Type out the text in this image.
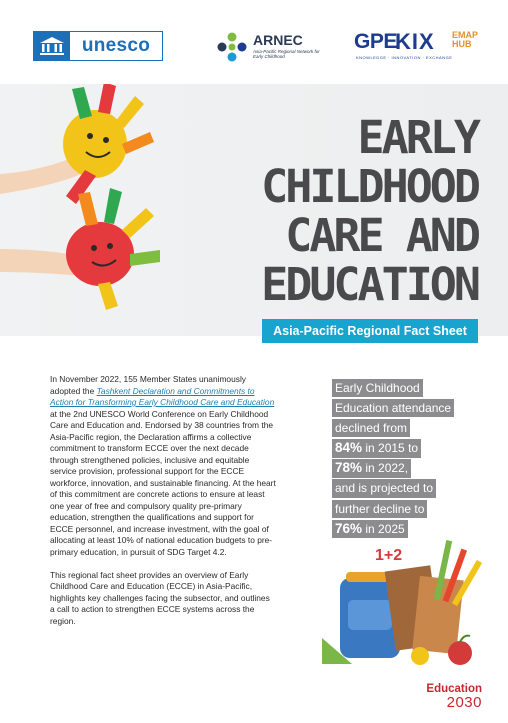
unesco	ARNEC
Asia-Pacific Regional Network for Early Childhood
GPE
KIX EMAP
HUB
KNOWLEDGE · INNOVATION · EXCHANGE
EARLY
CHILDHOOD
CARE AND
EDUCATION
Asia-Pacific Regional Fact Sheet

In November 2022, 155 Member States unanimously adopted the Tashkent Declaration and Commitments to Action for Transforming Early Childhood Care and Education at the 2nd UNESCO World Conference on Early Childhood Care and Education and. Endorsed by 38 countries from the Asia-Pacific region, the Declaration affirms a collective commitment to transform ECCE over the next decade through strengthened policies, inclusive and equitable service provision, professional support for the ECCE workforce, innovation, and sustainable financing. At the heart of this commitment are concrete actions to ensure at least one year of free and compulsory quality pre-primary education, strengthen the qualifications and support for ECCE personnel, and increase investment, with the goal of allocating at least 10% of national education budgets to pre-primary education, in pursuit of SDG Target 4.2.

This regional fact sheet provides an overview of Early Childhood Care and Education (ECCE) in Asia-Pacific, highlights key challenges facing the subsector, and outlines a call to action to strengthen ECCE systems across the region.

Early Childhood
Education attendance
declined from
84% in 2015 to
78% in 2022,
and is projected to
further decline to
76% in 2025
1+2
Education
2030
